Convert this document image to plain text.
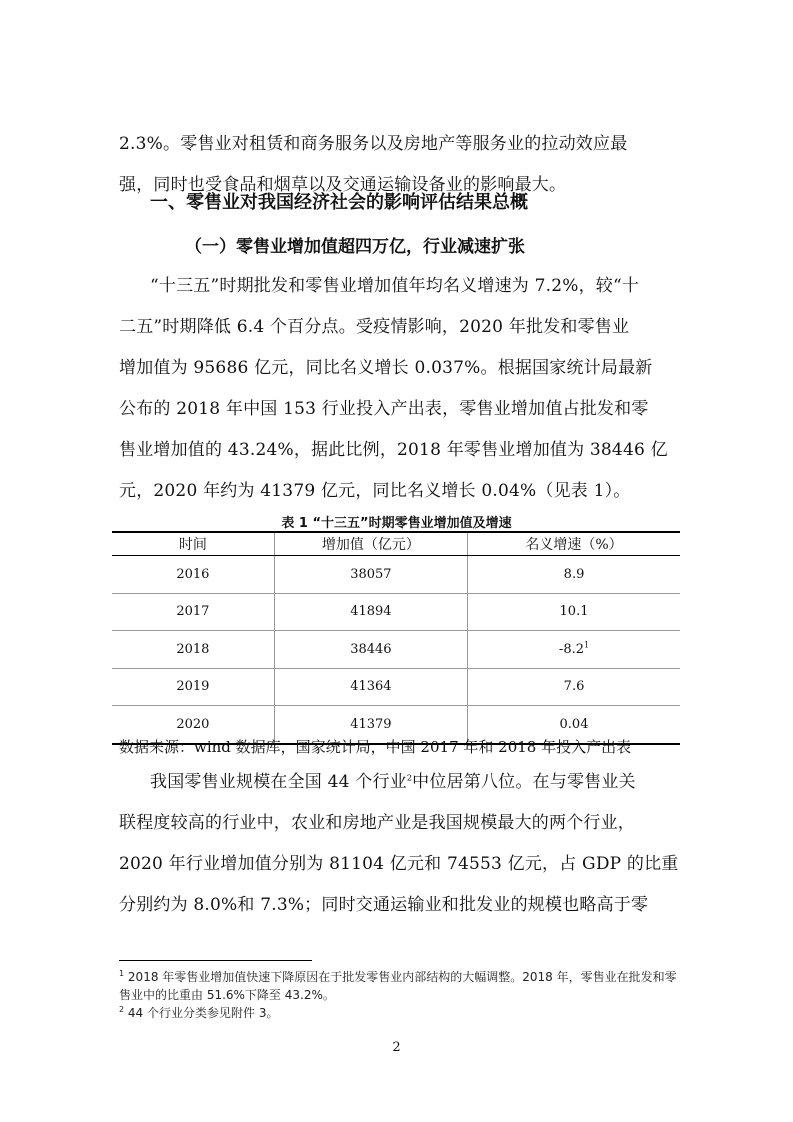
2.3%。零售业对租赁和商务服务以及房地产等服务业的拉动效应最
强，同时也受食品和烟草以及交通运输设备业的影响最大。
一、零售业对我国经济社会的影响评估结果总概
（一）零售业增加值超四万亿，行业减速扩张
“十三五”时期批发和零售业增加值年均名义增速为 7.2%，较“十
二五”时期降低 6.4 个百分点。受疫情影响，2020 年批发和零售业
增加值为 95686 亿元，同比名义增长 0.037%。根据国家统计局最新
公布的 2018 年中国 153 行业投入产出表，零售业增加值占批发和零
售业增加值的 43.24%，据此比例，2018 年零售业增加值为 38446 亿
元，2020 年约为 41379 亿元，同比名义增长 0.04%（见表 1）。
表 1 “十三五”时期零售业增加值及增速
时间	增加值（亿元）	名义增速（%）
2016	38057	8.9
2017	41894	10.1
2018	38446	$-8.2^1$
2019	41364	7.6
2020	41379	0.04
数据来源：wind 数据库，国家统计局，中国 2017 年和 2018 年投入产出表
我国零售业规模在全国 44 个行业$^2$中位居第八位。在与零售业关
联程度较高的行业中，农业和房地产业是我国规模最大的两个行业，
2020 年行业增加值分别为 81104 亿元和 74553 亿元，占 GDP 的比重
分别约为 8.0%和 7.3%；同时交通运输业和批发业的规模也略高于零
$^1$ 2018 年零售业增加值快速下降原因在于批发零售业内部结构的大幅调整。2018 年，零售业在批发和零售业中的比重由 51.6%下降至 43.2%。
$^2$ 44 个行业分类参见附件 3。
2
